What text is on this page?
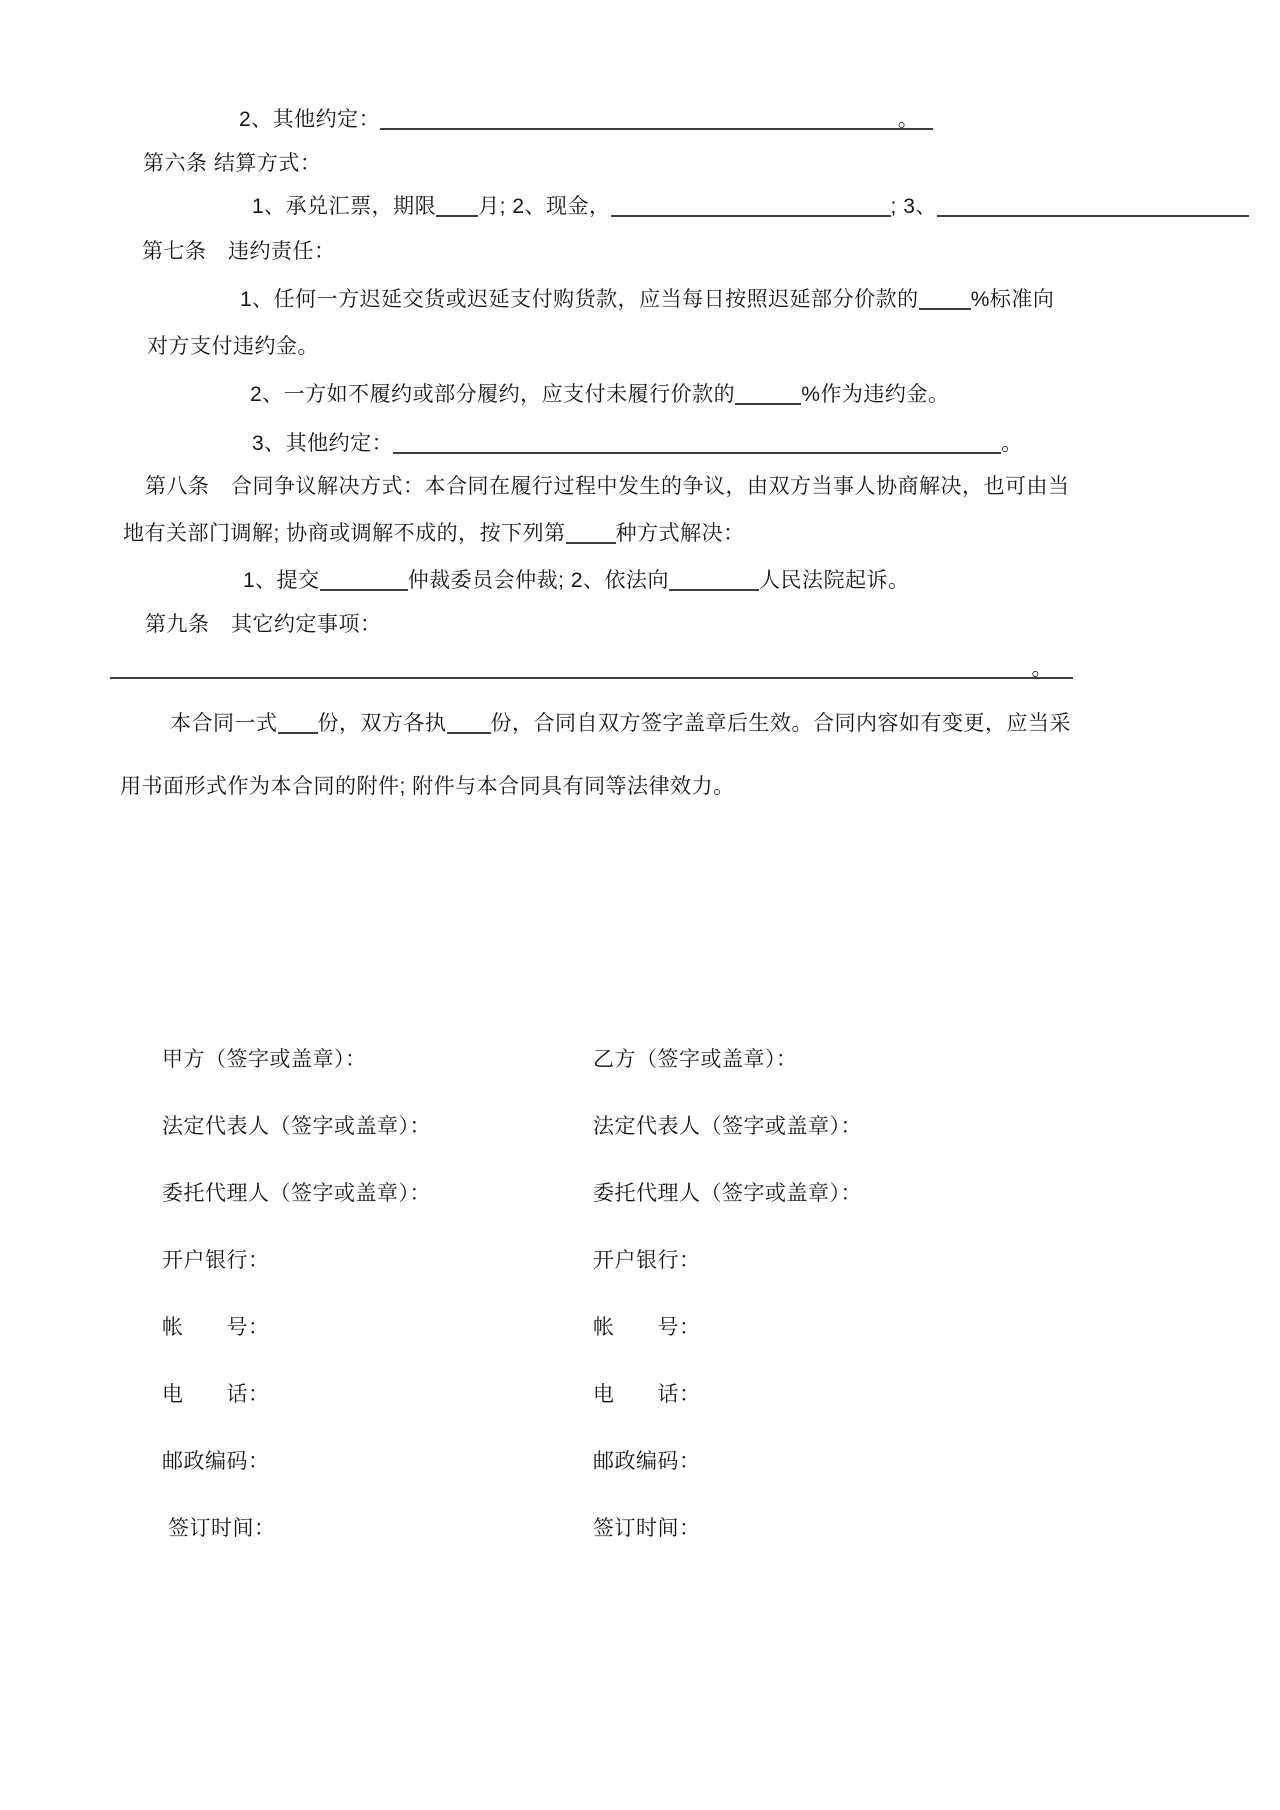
2、其他约定：	。
第六条 结算方式：
1、承兑汇票，期限 月; 2、现金，	; 3、
第七条　违约责任：
1、任何一方迟延交货或迟延支付购货款，应当每日按照迟延部分价款的 %标准向
对方支付违约金。
2、一方如不履约或部分履约，应支付未履行价款的	%作为违约金。
3、其他约定：	。
第八条　合同争议解决方式：本合同在履行过程中发生的争议，由双方当事人协商解决，也可由当
地有关部门调解; 协商或调解不成的，按下列第 种方式解决：
1、提交	仲裁委员会仲裁; 2、依法向	人民法院起诉。
第九条　其它约定事项：
。
本合同一式 份，双方各执 份，合同自双方签字盖章后生效。合同内容如有变更，应当采
用书面形式作为本合同的附件; 附件与本合同具有同等法律效力。
甲方（签字或盖章）：	乙方（签字或盖章）：
法定代表人（签字或盖章）：	法定代表人（签字或盖章）：
委托代理人（签字或盖章）：	委托代理人（签字或盖章）：
开户银行：	开户银行：
帐　　号：	帐　　号：
电　　话：	电　　话：
邮政编码：	邮政编码：
签订时间：	签订时间：
